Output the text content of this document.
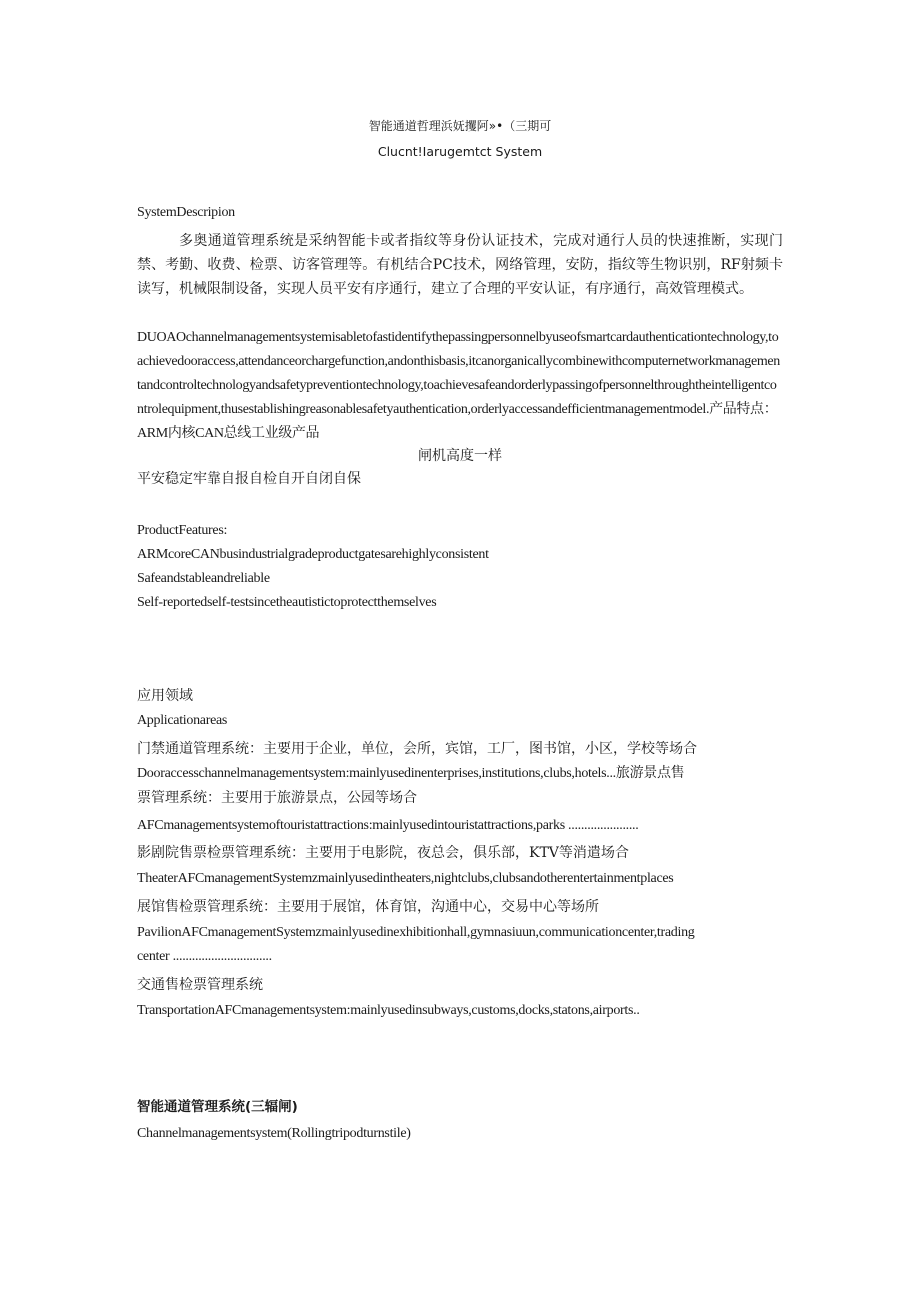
智能通道哲理浜妩攫阿»•（三期可
Clucnt!Iarugemtct System
SystemDescripion
多奥通道管理系统是采纳智能卡或者指纹等身份认证技术，完成对通行人员的快速推断，实现门禁、考勤、收费、检票、访客管理等。有机结合PC技术，网络管理，安防，指纹等生物识别，RF射频卡读写，机械限制设备，实现人员平安有序通行，建立了合理的平安认证，有序通行，高效管理模式。
DUOAOchannelmanagementsystemisabletofastidentifythepassingpersonnelbyuseofsmartcardauthenticationtechnology,toachievedooraccess,attendanceorchargefunction,andonthisbasis,itcanorganicallycombinewithcomputernetworkmanagementandcontroltechnologyandsafetypreventiontechnology,toachievesafeandorderlypassingofpersonnelthroughtheintelligentcontrolequipment,thusestablishingreasonablesafetyauthentication,orderlyaccessandefficientmanagementmodel.产品特点：ARM内核CAN总线工业级产品
闸机高度一样
平安稳定牢靠自报自检自开自闭自保
ProductFeatures:
ARMcoreCANbusindustrialgradeproductgatesarehighlyconsistent
Safeandstableandreliable
Self-reportedself-testsincetheautistictoprotectthemselves
应用领域
Applicationareas
门禁通道管理系统：主要用于企业，单位，会所，宾馆，工厂，图书馆，小区，学校等场合
Dooraccesschannelmanagementsystem:mainlyusedinenterprises,institutions,clubs,hotels...旅游景点售
票管理系统：主要用于旅游景点，公园等场合
AFCmanagementsystemoftouristattractions:mainlyusedintouristattractions,parks ......................
影剧院售票检票管理系统：主要用于电影院，夜总会，俱乐部，KTV等消遣场合
TheaterAFCmanagementSystemzmainlyusedintheaters,nightclubs,clubsandotherentertainmentplaces
展馆售检票管理系统：主要用于展馆，体育馆，沟通中心，交易中心等场所
PavilionAFCmanagementSystemzmainlyusedinexhibitionhall,gymnasiuun,communicationcenter,trading
center ...............................
交通售检票管理系统
TransportationAFCmanagementsystem:mainlyusedinsubways,customs,docks,statons,airports..
智能通道管理系统(三辐闸)
Channelmanagementsystem(Rollingtripodturnstile)
